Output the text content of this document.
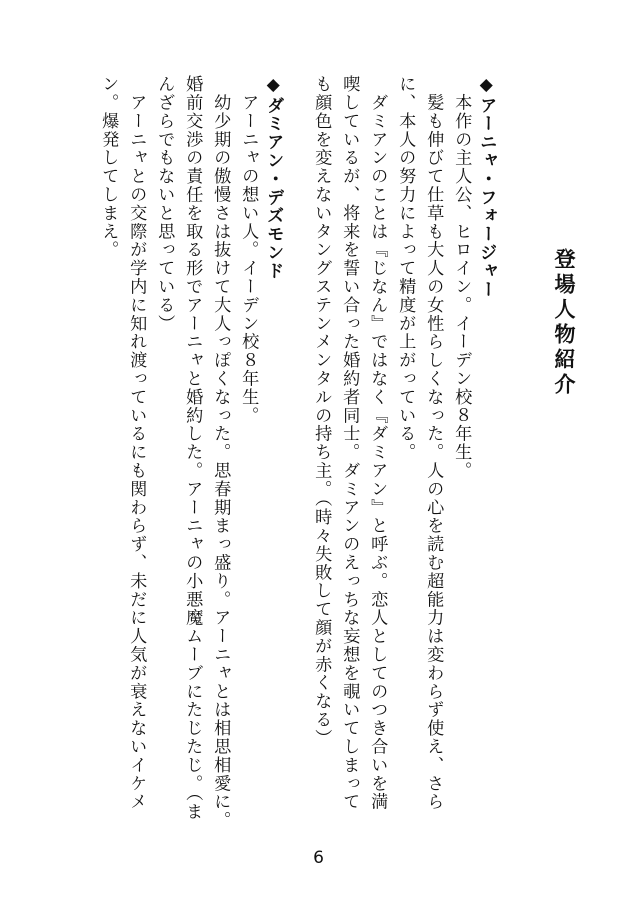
登場人物紹介
◆アーニャ・フォージャー
　本作の主人公、ヒロイン。イーデン校８年生。
　髪も伸びて仕草も大人の女性らしくなった。人の心を読む超能力は変わらず使え、さら
に、本人の努力によって精度が上がっている。
　ダミアンのことは『じなん』ではなく『ダミアン』と呼ぶ。恋人としてのつき合いを満
喫しているが、将来を誓い合った婚約者同士。ダミアンのえっちな妄想を覗いてしまって
も顔色を変えないタングステンメンタルの持ち主。（時々失敗して顔が赤くなる）
◆ダミアン・デズモンド
　アーニャの想い人。イーデン校８年生。
　幼少期の傲慢さは抜けて大人っぽくなった。思春期まっ盛り。アーニャとは相思相愛に。
婚前交渉の責任を取る形でアーニャと婚約した。アーニャの小悪魔ムーブにたじたじ。（ま
んざらでもないと思っている）
　アーニャとの交際が学内に知れ渡っているにも関わらず、未だに人気が衰えないイケメ
ン。爆発してしまえ。
6
